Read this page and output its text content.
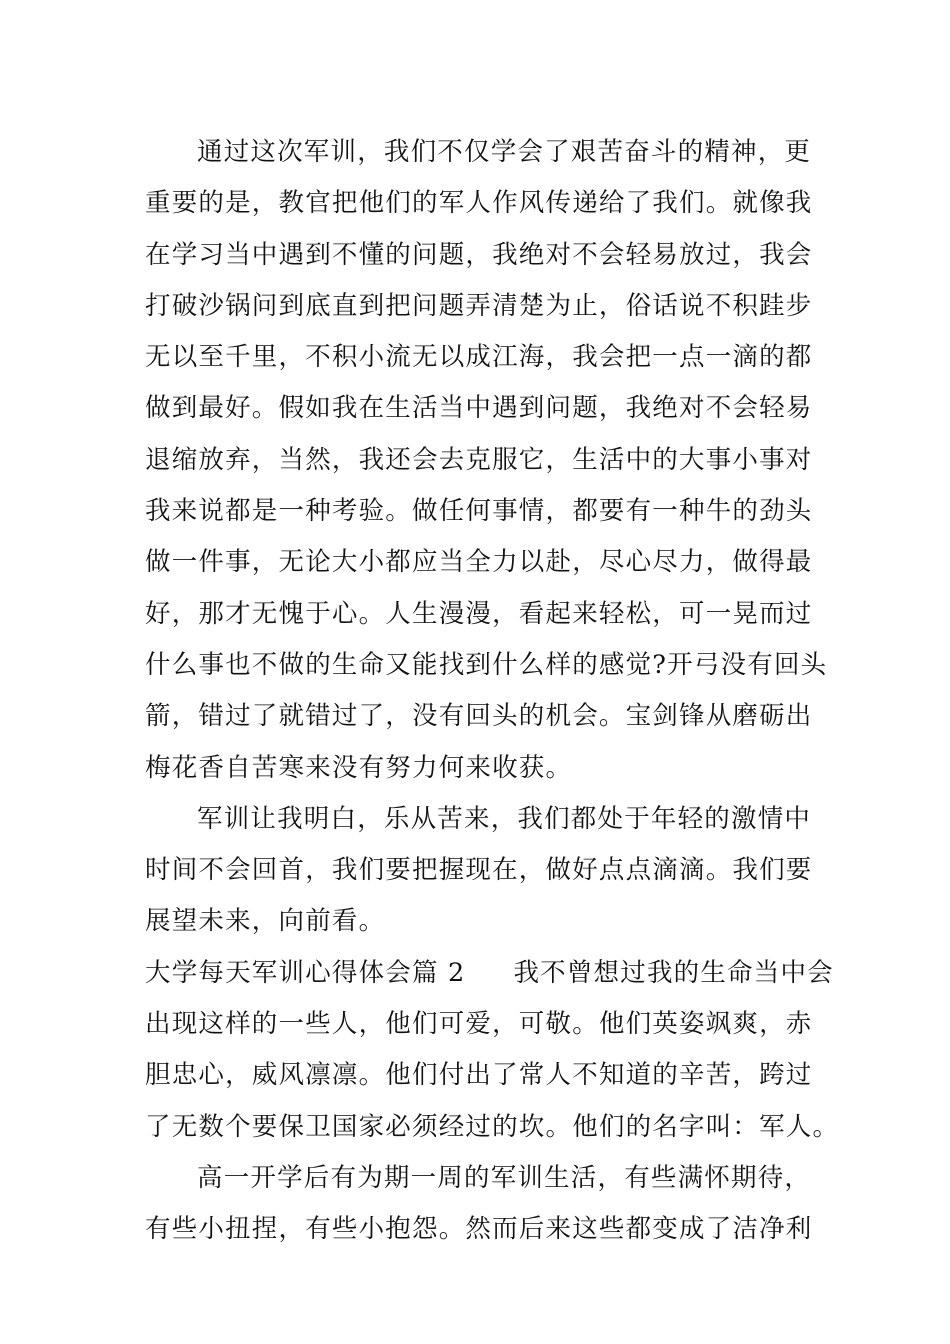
通过这次军训，我们不仅学会了艰苦奋斗的精神，更
重要的是，教官把他们的军人作风传递给了我们。就像我
在学习当中遇到不懂的问题，我绝对不会轻易放过，我会
打破沙锅问到底直到把问题弄清楚为止，俗话说不积跬步
无以至千里，不积小流无以成江海，我会把一点一滴的都
做到最好。假如我在生活当中遇到问题，我绝对不会轻易
退缩放弃，当然，我还会去克服它，生活中的大事小事对
我来说都是一种考验。做任何事情，都要有一种牛的劲头
做一件事，无论大小都应当全力以赴，尽心尽力，做得最
好，那才无愧于心。人生漫漫，看起来轻松，可一晃而过
什么事也不做的生命又能找到什么样的感觉?开弓没有回头
箭，错过了就错过了，没有回头的机会。宝剑锋从磨砺出
梅花香自苦寒来没有努力何来收获。
军训让我明白，乐从苦来，我们都处于年轻的激情中
时间不会回首，我们要把握现在，做好点点滴滴。我们要
展望未来，向前看。
大学每天军训心得体会篇 2 我不曾想过我的生命当中会
出现这样的一些人，他们可爱，可敬。他们英姿飒爽，赤
胆忠心，威风凛凛。他们付出了常人不知道的辛苦，跨过
了无数个要保卫国家必须经过的坎。他们的名字叫：军人。
高一开学后有为期一周的军训生活，有些满怀期待，
有些小扭捏，有些小抱怨。然而后来这些都变成了洁净利
